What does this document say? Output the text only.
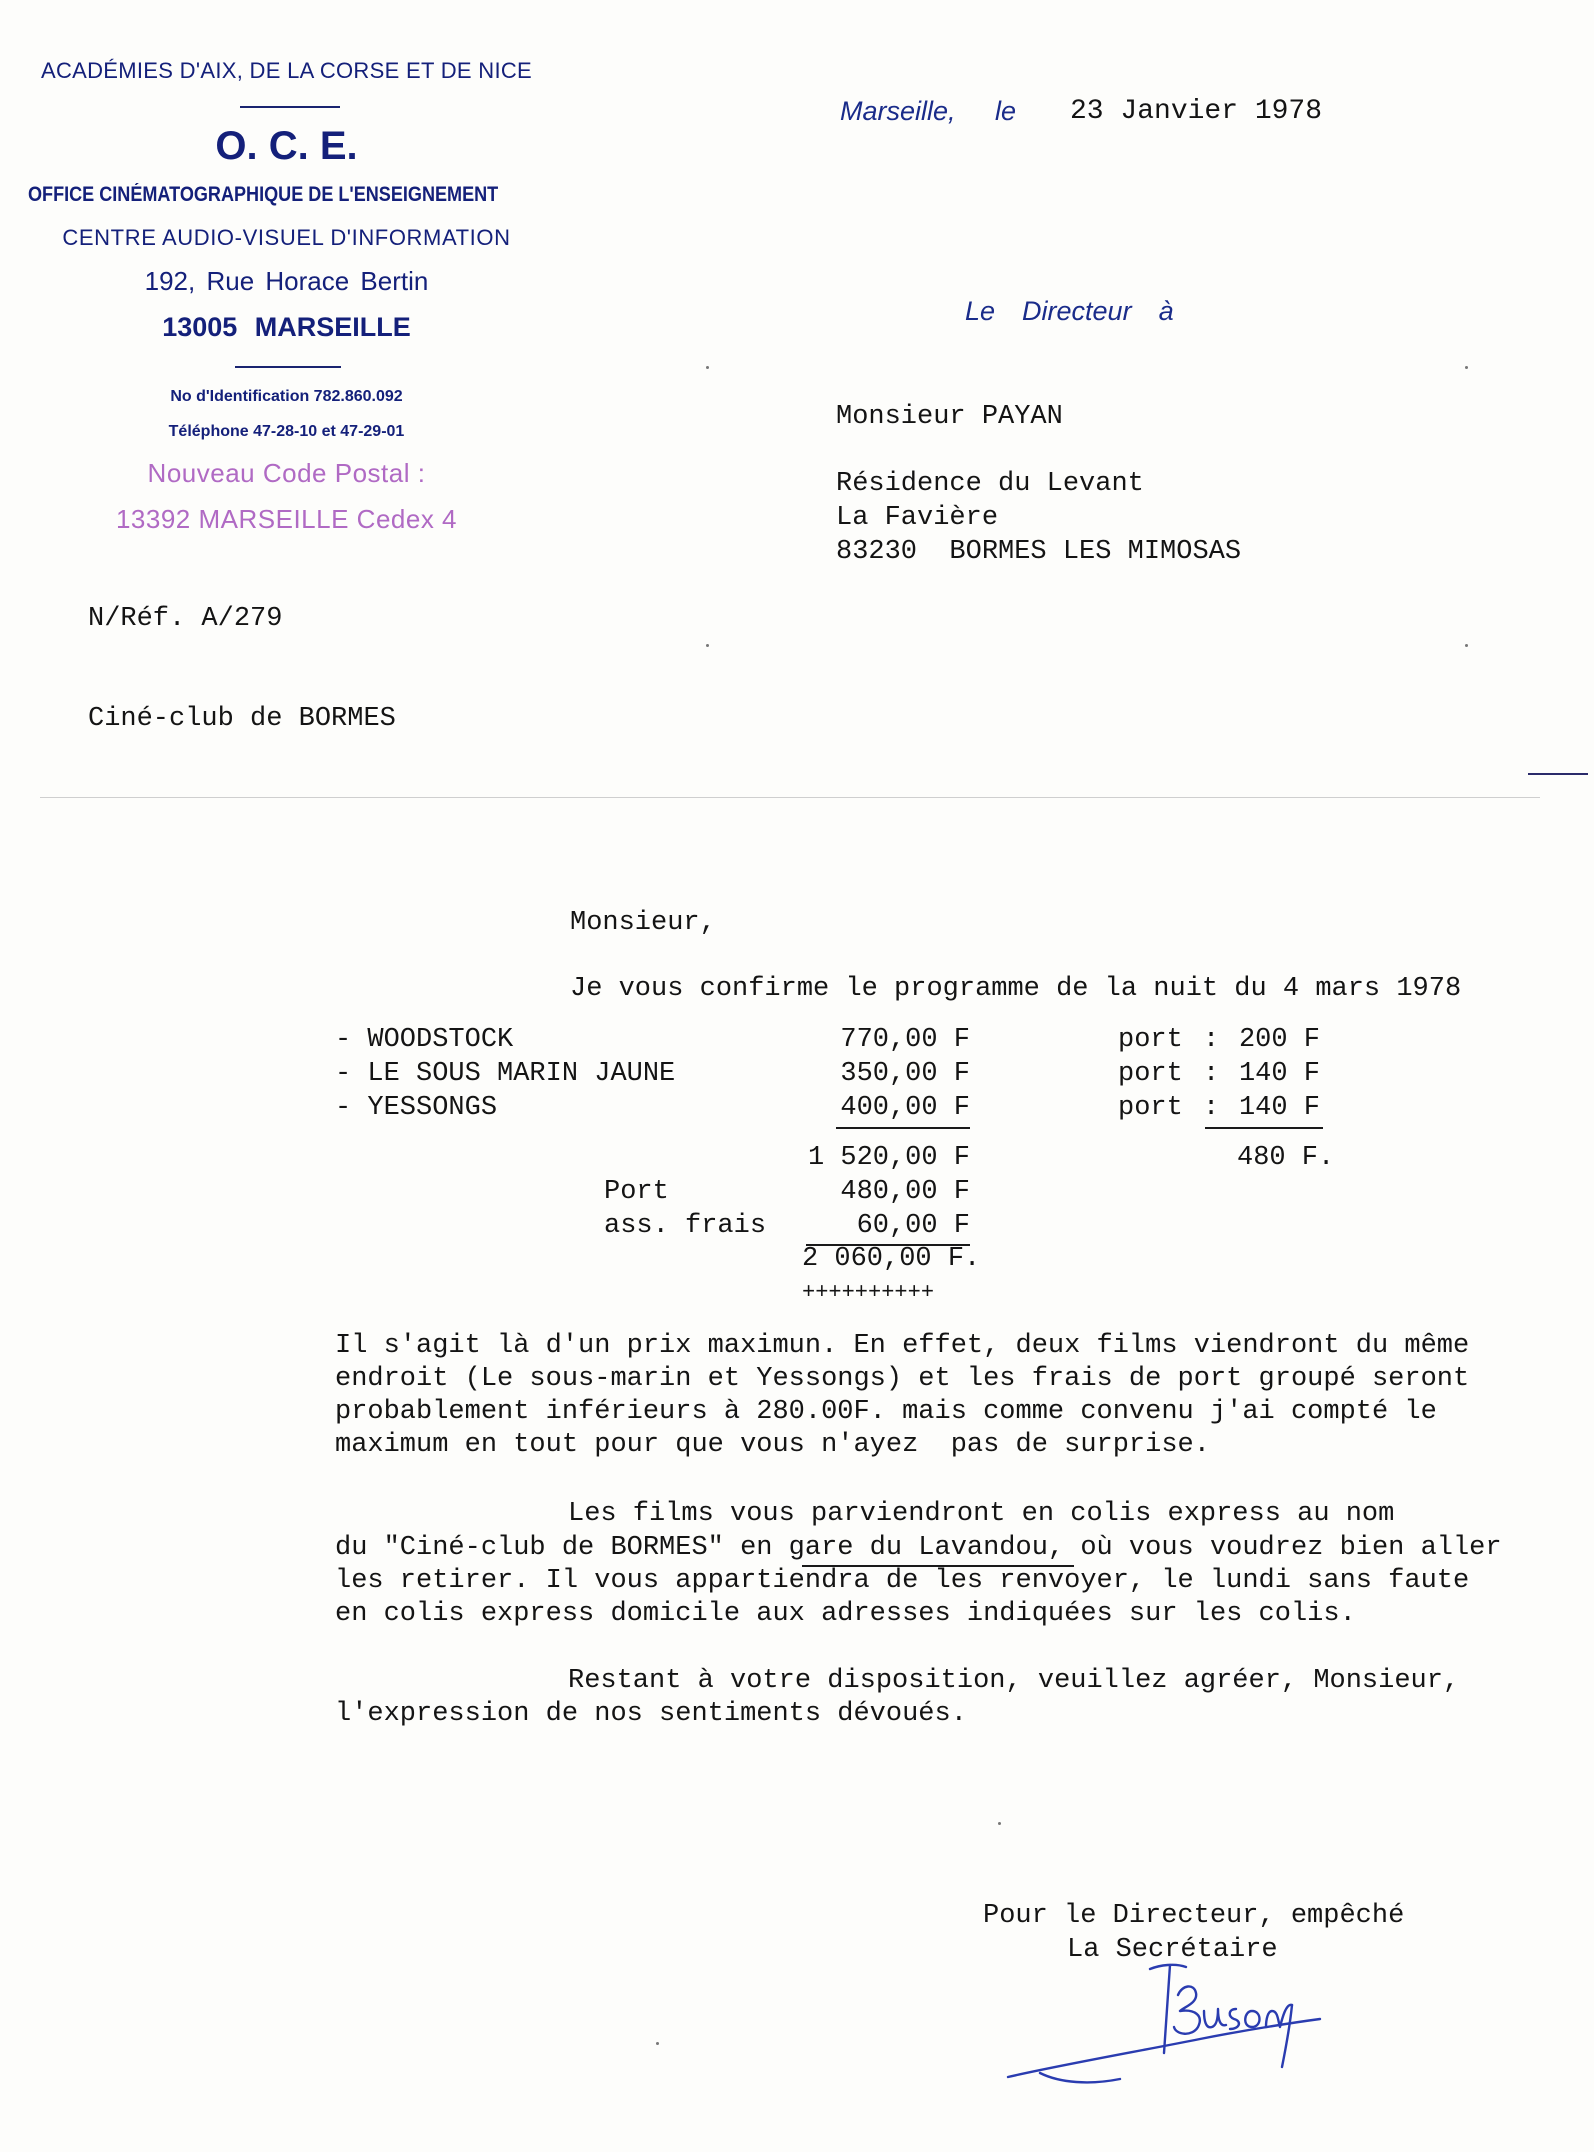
ACADÉMIES D'AIX, DE LA CORSE ET DE NICE
O. C. E.
OFFICE CINÉMATOGRAPHIQUE DE L'ENSEIGNEMENT
CENTRE AUDIO-VISUEL D'INFORMATION
192, Rue Horace Bertin
13005 MARSEILLE
No d'Identification 782.860.092
Téléphone 47-28-10 et 47-29-01
Nouveau Code Postal :
13392 MARSEILLE Cedex 4
Marseille, le 23 Janvier 1978
Le  Directeur  à
Monsieur PAYAN
Résidence du Levant
La Favière
83230  BORMES LES MIMOSAS
N/Réf. A/279
Ciné-club de BORMES
Monsieur,
Je vous confirme le programme de la nuit du 4 mars 1978
- WOODSTOCK	770,00 F	port : 200 F
- LE SOUS MARIN JAUNE	350,00 F	port : 140 F
- YESSONGS	400,00 F	port : 140 F
1 520,00 F	480 F.
Port	480,00 F
ass. frais	60,00 F
2 060,00 F.
++++++++++
Il s'agit là d'un prix maximun. En effet, deux films viendront du même
endroit (Le sous-marin et Yessongs) et les frais de port groupé seront
probablement inférieurs à 280.00F. mais comme convenu j'ai compté le
maximum en tout pour que vous n'ayez  pas de surprise.
Les films vous parviendront en colis express au nom
du "Ciné-club de BORMES" en gare du Lavandou, où vous voudrez bien aller
les retirer. Il vous appartiendra de les renvoyer, le lundi sans faute
en colis express domicile aux adresses indiquées sur les colis.
Restant à votre disposition, veuillez agréer, Monsieur,
l'expression de nos sentiments dévoués.
Pour le Directeur, empêché
La Secrétaire
